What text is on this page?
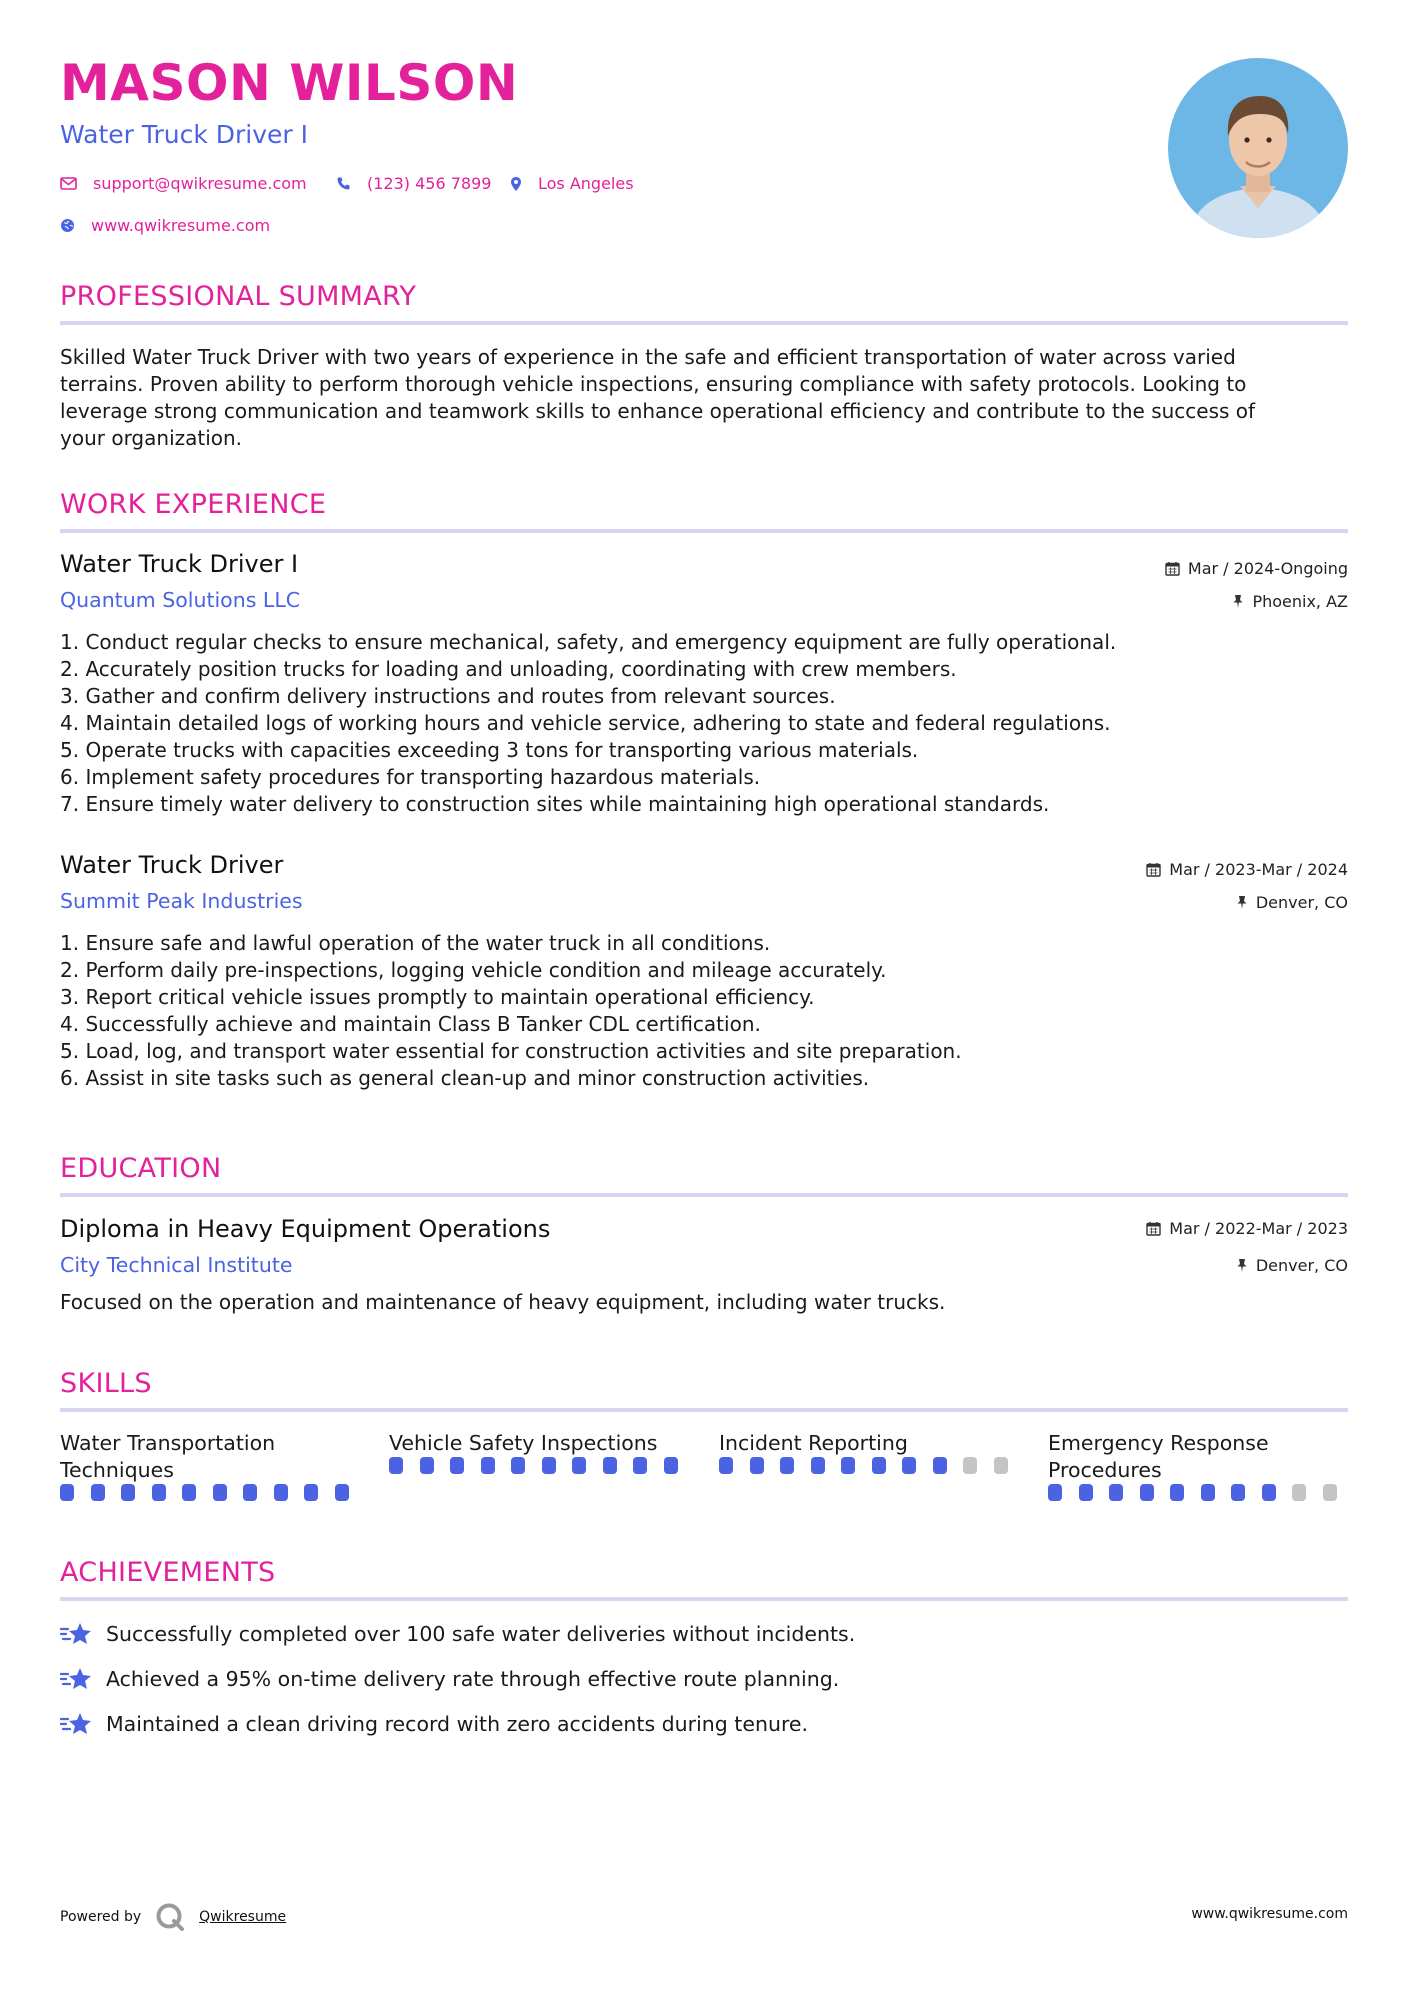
MASON WILSON
Water Truck Driver I
support@qwikresume.com	(123) 456 7899	Los Angeles
www.qwikresume.com
PROFESSIONAL SUMMARY
Skilled Water Truck Driver with two years of experience in the safe and efficient transportation of water across varied
terrains. Proven ability to perform thorough vehicle inspections, ensuring compliance with safety protocols. Looking to
leverage strong communication and teamwork skills to enhance operational efficiency and contribute to the success of
your organization.
WORK EXPERIENCE
Water Truck Driver I
Quantum Solutions LLC
Mar / 2024-Ongoing
Phoenix, AZ
1. Conduct regular checks to ensure mechanical, safety, and emergency equipment are fully operational.
2. Accurately position trucks for loading and unloading, coordinating with crew members.
3. Gather and confirm delivery instructions and routes from relevant sources.
4. Maintain detailed logs of working hours and vehicle service, adhering to state and federal regulations.
5. Operate trucks with capacities exceeding 3 tons for transporting various materials.
6. Implement safety procedures for transporting hazardous materials.
7. Ensure timely water delivery to construction sites while maintaining high operational standards.
Water Truck Driver
Summit Peak Industries
Mar / 2023-Mar / 2024
Denver, CO
1. Ensure safe and lawful operation of the water truck in all conditions.
2. Perform daily pre-inspections, logging vehicle condition and mileage accurately.
3. Report critical vehicle issues promptly to maintain operational efficiency.
4. Successfully achieve and maintain Class B Tanker CDL certification.
5. Load, log, and transport water essential for construction activities and site preparation.
6. Assist in site tasks such as general clean-up and minor construction activities.
EDUCATION
Diploma in Heavy Equipment Operations
City Technical Institute
Mar / 2022-Mar / 2023
Denver, CO
Focused on the operation and maintenance of heavy equipment, including water trucks.
SKILLS
Water Transportation
Techniques
Vehicle Safety Inspections	Incident Reporting	Emergency Response
Procedures
ACHIEVEMENTS
Successfully completed over 100 safe water deliveries without incidents.
Achieved a 95% on-time delivery rate through effective route planning.
Maintained a clean driving record with zero accidents during tenure.
Powered by	Qwikresume	www.qwikresume.com
